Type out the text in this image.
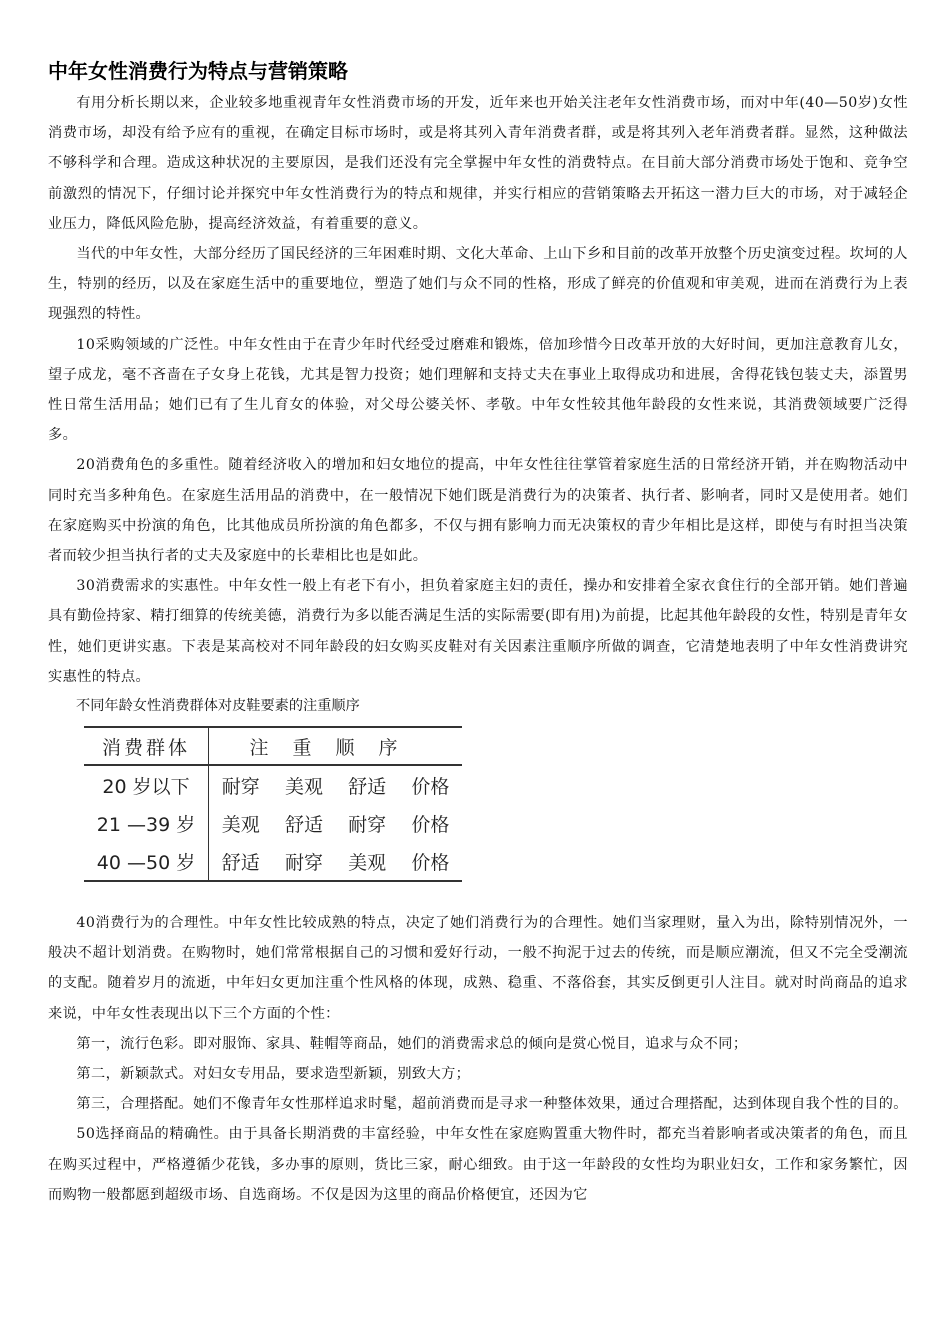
中年女性消费行为特点与营销策略

有用分析长期以来，企业较多地重视青年女性消费市场的开发，近年来也开始关注老年女性消费市场，而对中年(40—50岁)女性消费市场，却没有给予应有的重视，在确定目标市场时，或是将其列入青年消费者群，或是将其列入老年消费者群。显然，这种做法不够科学和合理。造成这种状况的主要原因，是我们还没有完全掌握中年女性的消费特点。在目前大部分消费市场处于饱和、竞争空前激烈的情况下，仔细讨论并探究中年女性消费行为的特点和规律，并实行相应的营销策略去开拓这一潜力巨大的市场，对于减轻企业压力，降低风险危胁，提高经济效益，有着重要的意义。

当代的中年女性，大部分经历了国民经济的三年困难时期、文化大革命、上山下乡和目前的改革开放整个历史演变过程。坎坷的人生，特别的经历，以及在家庭生活中的重要地位，塑造了她们与众不同的性格，形成了鲜亮的价值观和审美观，进而在消费行为上表现强烈的特性。

10采购领域的广泛性。中年女性由于在青少年时代经受过磨难和锻炼，倍加珍惜今日改革开放的大好时间，更加注意教育儿女，望子成龙，毫不吝啬在子女身上花钱，尤其是智力投资；她们理解和支持丈夫在事业上取得成功和进展，舍得花钱包装丈夫，添置男性日常生活用品；她们已有了生儿育女的体验，对父母公婆关怀、孝敬。中年女性较其他年龄段的女性来说，其消费领域要广泛得多。

20消费角色的多重性。随着经济收入的增加和妇女地位的提高，中年女性往往掌管着家庭生活的日常经济开销，并在购物活动中同时充当多种角色。在家庭生活用品的消费中，在一般情况下她们既是消费行为的决策者、执行者、影响者，同时又是使用者。她们在家庭购买中扮演的角色，比其他成员所扮演的角色都多，不仅与拥有影响力而无决策权的青少年相比是这样，即使与有时担当决策者而较少担当执行者的丈夫及家庭中的长辈相比也是如此。

30消费需求的实惠性。中年女性一般上有老下有小，担负着家庭主妇的责任，操办和安排着全家衣食住行的全部开销。她们普遍具有勤俭持家、精打细算的传统美德，消费行为多以能否满足生活的实际需要(即有用)为前提，比起其他年龄段的女性，特别是青年女性，她们更讲实惠。下表是某高校对不同年龄段的妇女购买皮鞋对有关因素注重顺序所做的调查，它清楚地表明了中年女性消费讲究实惠性的特点。

不同年龄女性消费群体对皮鞋要素的注重顺序

消费群体	注重顺序			
20 岁以下	耐穿	美观	舒适	价格
21 —39 岁	美观	舒适	耐穿	价格
40 —50 岁	舒适	耐穿	美观	价格

40消费行为的合理性。中年女性比较成熟的特点，决定了她们消费行为的合理性。她们当家理财，量入为出，除特别情况外，一般决不超计划消费。在购物时，她们常常根据自己的习惯和爱好行动，一般不拘泥于过去的传统，而是顺应潮流，但又不完全受潮流的支配。随着岁月的流逝，中年妇女更加注重个性风格的体现，成熟、稳重、不落俗套，其实反倒更引人注目。就对时尚商品的追求来说，中年女性表现出以下三个方面的个性：

第一，流行色彩。即对服饰、家具、鞋帽等商品，她们的消费需求总的倾向是赏心悦目，追求与众不同；

第二，新颖款式。对妇女专用品，要求造型新颖，别致大方；

第三，合理搭配。她们不像青年女性那样追求时髦，超前消费而是寻求一种整体效果，通过合理搭配，达到体现自我个性的目的。

50选择商品的精确性。由于具备长期消费的丰富经验，中年女性在家庭购置重大物件时，都充当着影响者或决策者的角色，而且在购买过程中，严格遵循少花钱，多办事的原则，货比三家，耐心细致。由于这一年龄段的女性均为职业妇女，工作和家务繁忙，因而购物一般都愿到超级市场、自选商场。不仅是因为这里的商品价格便宜，还因为它
